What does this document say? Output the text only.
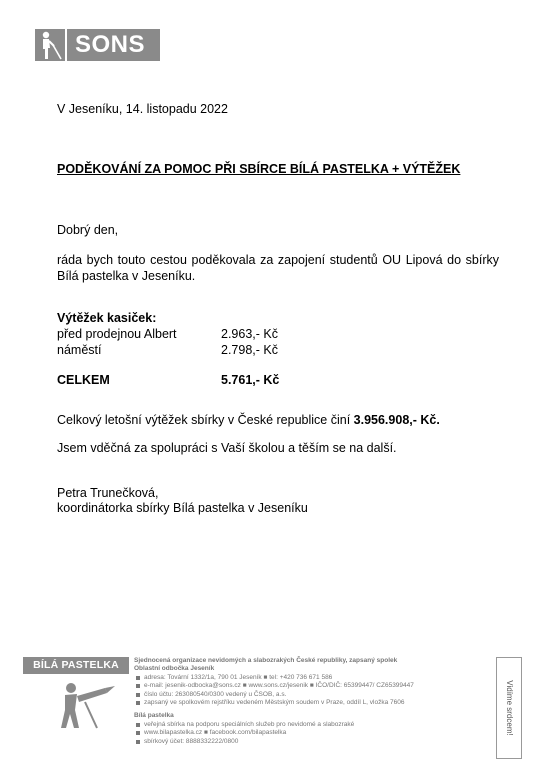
SONS
V Jeseníku, 14. listopadu 2022
PODĚKOVÁNÍ ZA POMOC PŘI SBÍRCE BÍLÁ PASTELKA + VÝTĚŽEK
Dobrý den,
ráda bych touto cestou poděkovala za zapojení studentů OU Lipová do sbírky Bílá pastelka v Jeseníku.
Výtěžek kasiček:
před prodejnou Albert	2.963,- Kč
náměstí	2.798,- Kč
CELKEM	5.761,- Kč
Celkový letošní výtěžek sbírky v České republice činí 3.956.908,- Kč.
Jsem vděčná za spolupráci s Vaší školou a těším se na další.
Petra Trunečková,
koordinátorka sbírky Bílá pastelka v Jeseníku
BÍLÁ PASTELKA	Sjednocená organizace nevidomých a slabozrakých České republiky, zapsaný spolek
Oblastní odbočka Jeseník
adresa: Tovární 1332/1a, 790 01 Jeseník ■ tel: +420 736 671 586
e-mail: jesenik-odbocka@sons.cz ■ www.sons.cz/jesenik ■ IČO/DIČ: 65399447/ CZ65399447
číslo účtu: 263080540/0300 vedený u ČSOB, a.s.
zapsaný ve spolkovém rejstříku vedeném Městským soudem v Praze, oddíl L, vložka 7606
Bílá pastelka
veřejná sbírka na podporu speciálních služeb pro nevidomé a slabozraké
www.bilapastelka.cz ■ facebook.com/bilapastelka
sbírkový účet: 8888332222/0800
Vidíme srdcem!
